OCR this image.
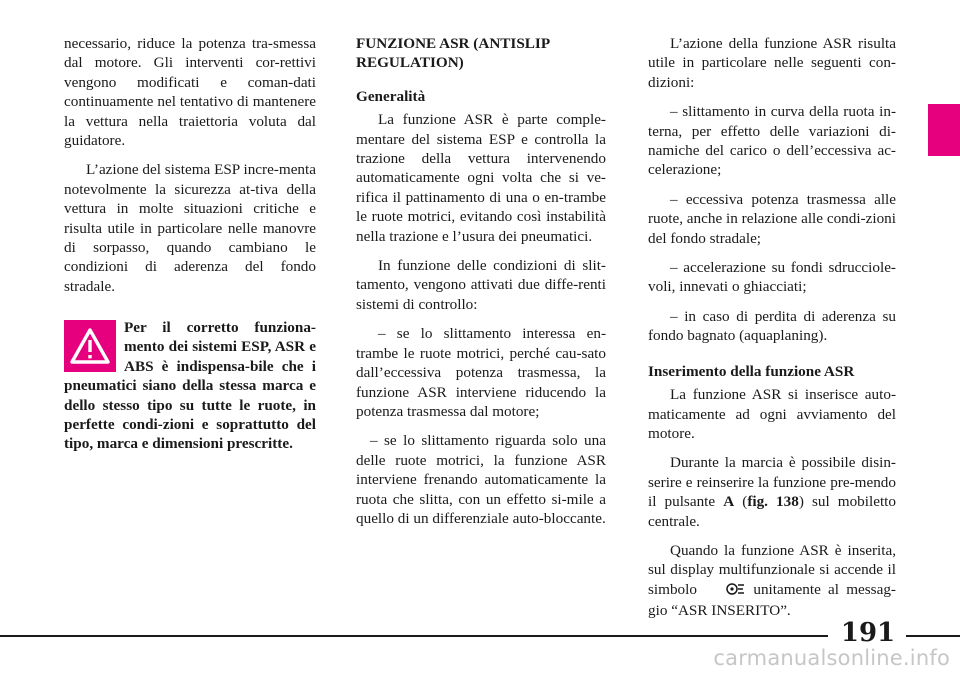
necessario, riduce la potenza tra-smessa dal motore. Gli interventi cor-rettivi vengono modificati e coman-dati continuamente nel tentativo di mantenere la vettura nella traiettoria voluta dal guidatore.

L’azione del sistema ESP incre-menta notevolmente la sicurezza at-tiva della vettura in molte situazioni critiche e risulta utile in particolare nelle manovre di sorpasso, quando cambiano le condizioni di aderenza del fondo stradale.

Per il corretto funziona-mento dei sistemi ESP, ASR e ABS è indispensa-bile che i pneumatici siano della stessa marca e dello stesso tipo su tutte le ruote, in perfette condi-zioni e soprattutto del tipo, marca e dimensioni prescritte.

FUNZIONE ASR (ANTISLIP REGULATION)

Generalità

La funzione ASR è parte comple-mentare del sistema ESP e controlla la trazione della vettura intervenendo automaticamente ogni volta che si ve-rifica il pattinamento di una o en-trambe le ruote motrici, evitando così instabilità nella trazione e l’usura dei pneumatici.

In funzione delle condizioni di slit-tamento, vengono attivati due diffe-renti sistemi di controllo:

– se lo slittamento interessa en-trambe le ruote motrici, perché cau-sato dall’eccessiva potenza trasmessa, la funzione ASR interviene riducendo la potenza trasmessa dal motore;

– se lo slittamento riguarda solo una delle ruote motrici, la funzione ASR interviene frenando automaticamente la ruota che slitta, con un effetto si-mile a quello di un differenziale auto-bloccante.

L’azione della funzione ASR risulta utile in particolare nelle seguenti con-dizioni:

– slittamento in curva della ruota in-terna, per effetto delle variazioni di-namiche del carico o dell’eccessiva ac-celerazione;

– eccessiva potenza trasmessa alle ruote, anche in relazione alle condi-zioni del fondo stradale;

– accelerazione su fondi sdrucciole-voli, innevati o ghiacciati;

– in caso di perdita di aderenza su fondo bagnato (aquaplaning).

Inserimento della funzione ASR

La funzione ASR si inserisce auto-maticamente ad ogni avviamento del motore.

Durante la marcia è possibile disin-serire e reinserire la funzione pre-mendo il pulsante A (fig. 138) sul mobiletto centrale.

Quando la funzione ASR è inserita, sul display multifunzionale si accende il simbolo	unitamente al messag-gio “ASR INSERITO”.

191
carmanualsonline.info
